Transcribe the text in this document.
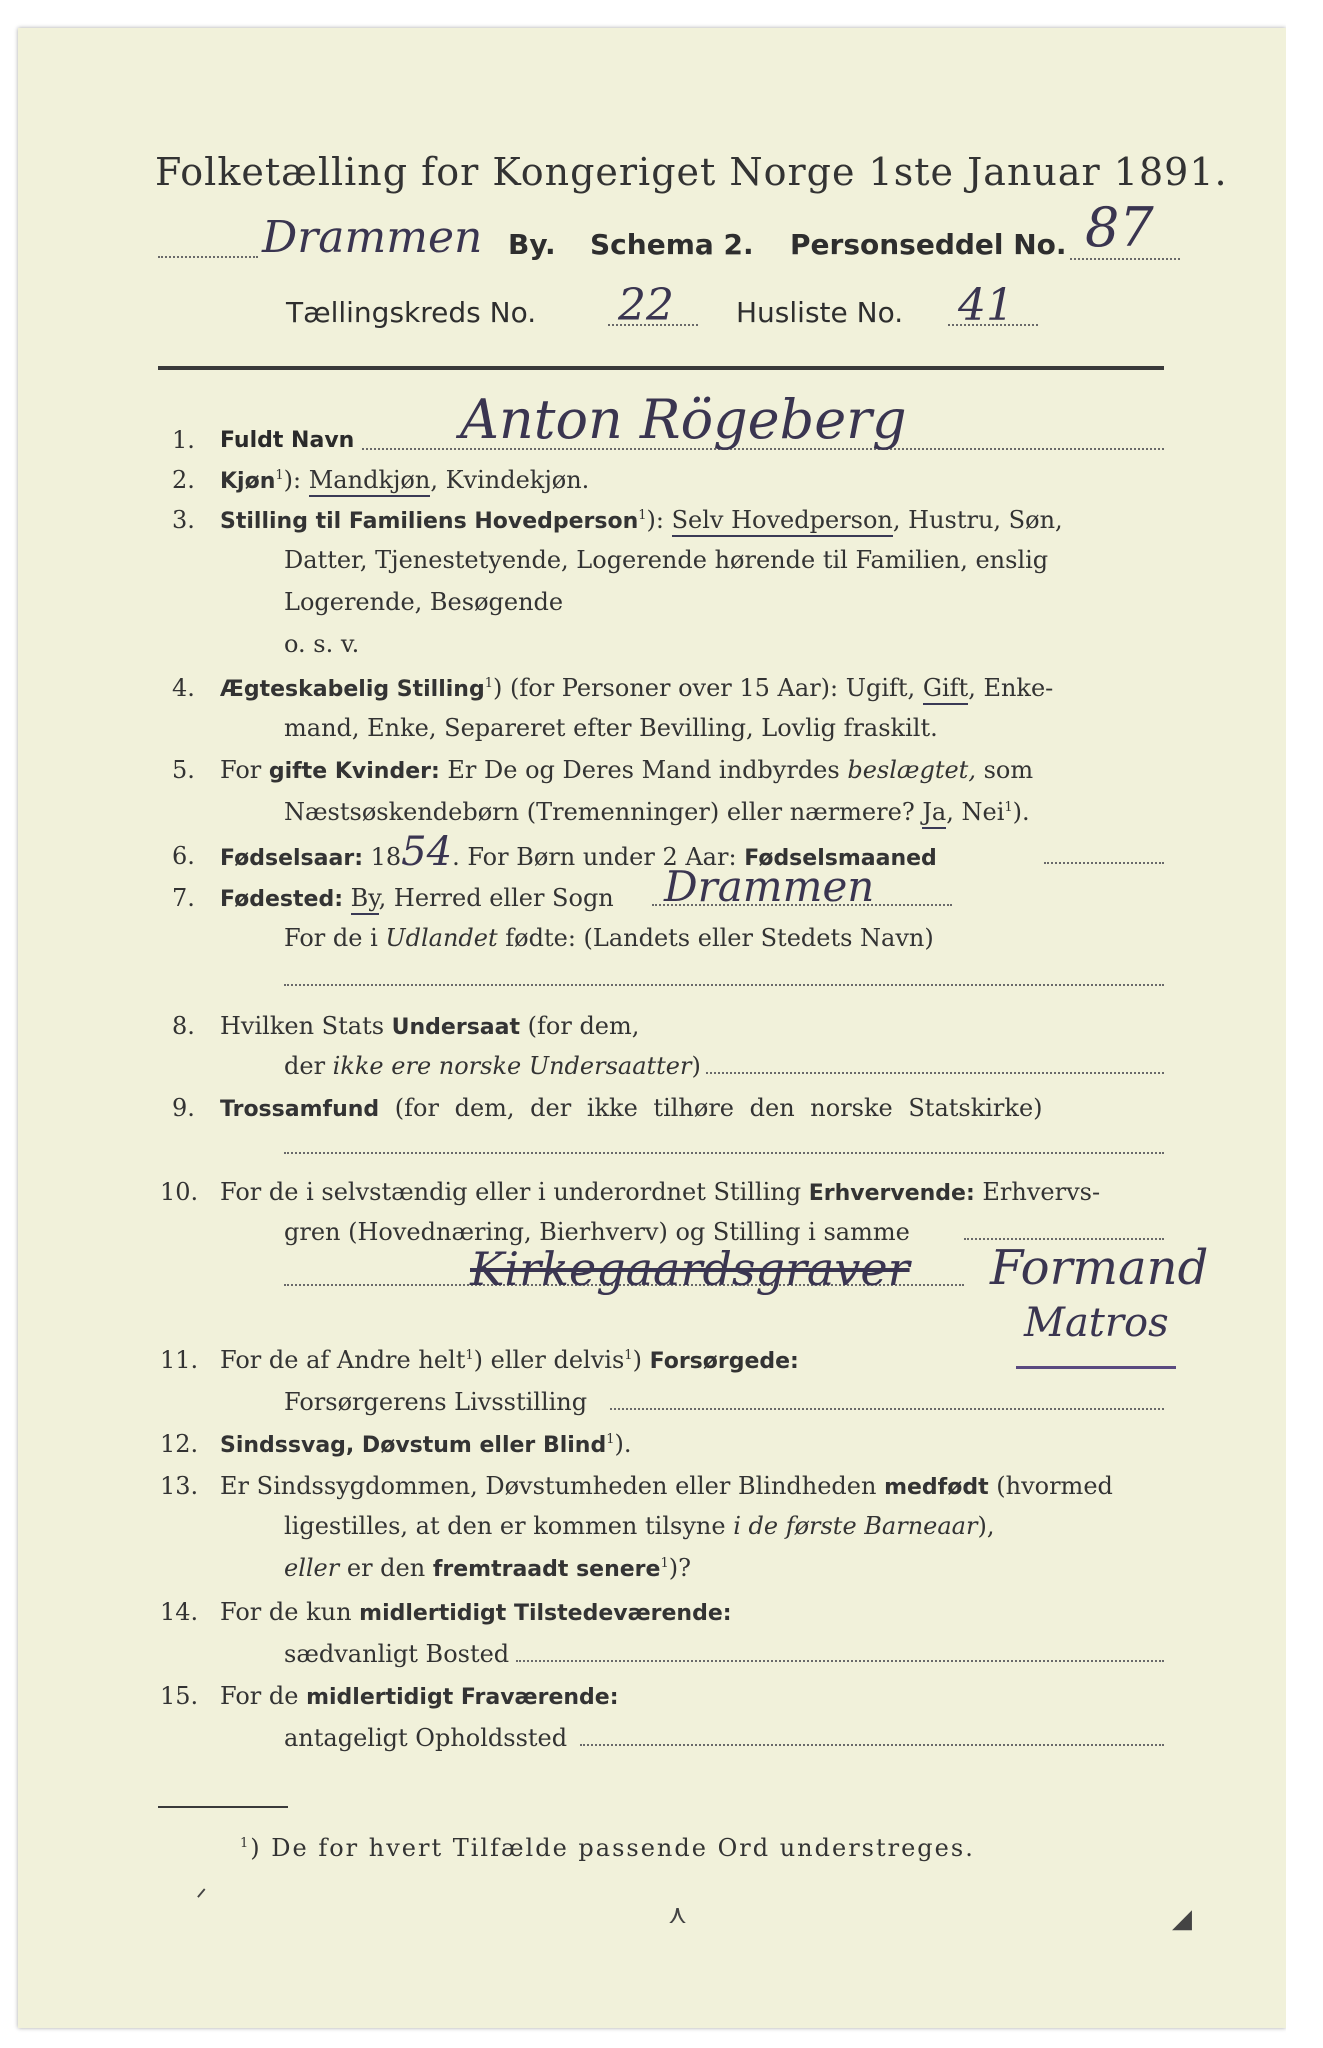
Folketælling for Kongeriget Norge 1ste Januar 1891.
Drammen By. Schema 2. Personseddel No. 87
Tællingskreds No. 22 Husliste No. 41
1. Fuldt Navn Anton Rögeberg
2. Kjøn$^1$): Mandkjøn, Kvindekjøn.
3. Stilling til Familiens Hovedperson$^1$): Selv Hovedperson, Hustru, Søn,
Datter, Tjenestetyende, Logerende hørende til Familien, enslig
Logerende, Besøgende
o. s. v.
4. Ægteskabelig Stilling$^1$) (for Personer over 15 Aar): Ugift, Gift, Enke-
mand, Enke, Separeret efter Bevilling, Lovlig fraskilt.
5. For gifte Kvinder: Er De og Deres Mand indbyrdes beslægtet, som
Næstsøskendebørn (Tremenninger) eller nærmere? Ja, Nei$^1$).
6. Fødselsaar: 1854. For Børn under 2 Aar: Fødselsmaaned
7. Fødested: By, Herred eller Sogn Drammen
For de i Udlandet fødte: (Landets eller Stedets Navn)
8. Hvilken Stats Undersaat (for dem,
der ikke ere norske Undersaatter)
9. Trossamfund (for dem, der ikke tilhøre den norske Statskirke)
10. For de i selvstændig eller i underordnet Stilling Erhvervende: Erhvervs-
gren (Hovednæring, Bierhverv) og Stilling i samme
Kirkegaardsgraver Formand
Matros
11. For de af Andre helt$^1$) eller delvis$^1$) Forsørgede:
Forsørgerens Livsstilling
12. Sindssvag, Døvstum eller Blind$^1$).
13. Er Sindssygdommen, Døvstumheden eller Blindheden medfødt (hvormed
ligestilles, at den er kommen tilsyne i de første Barneaar),
eller er den fremtraadt senere$^1$)?
14. For de kun midlertidigt Tilstedeværende:
sædvanligt Bosted
15. For de midlertidigt Fraværende:
antageligt Opholdssted
$^1$) De for hvert Tilfælde passende Ord understreges.
ᐟ
⋏	◢
